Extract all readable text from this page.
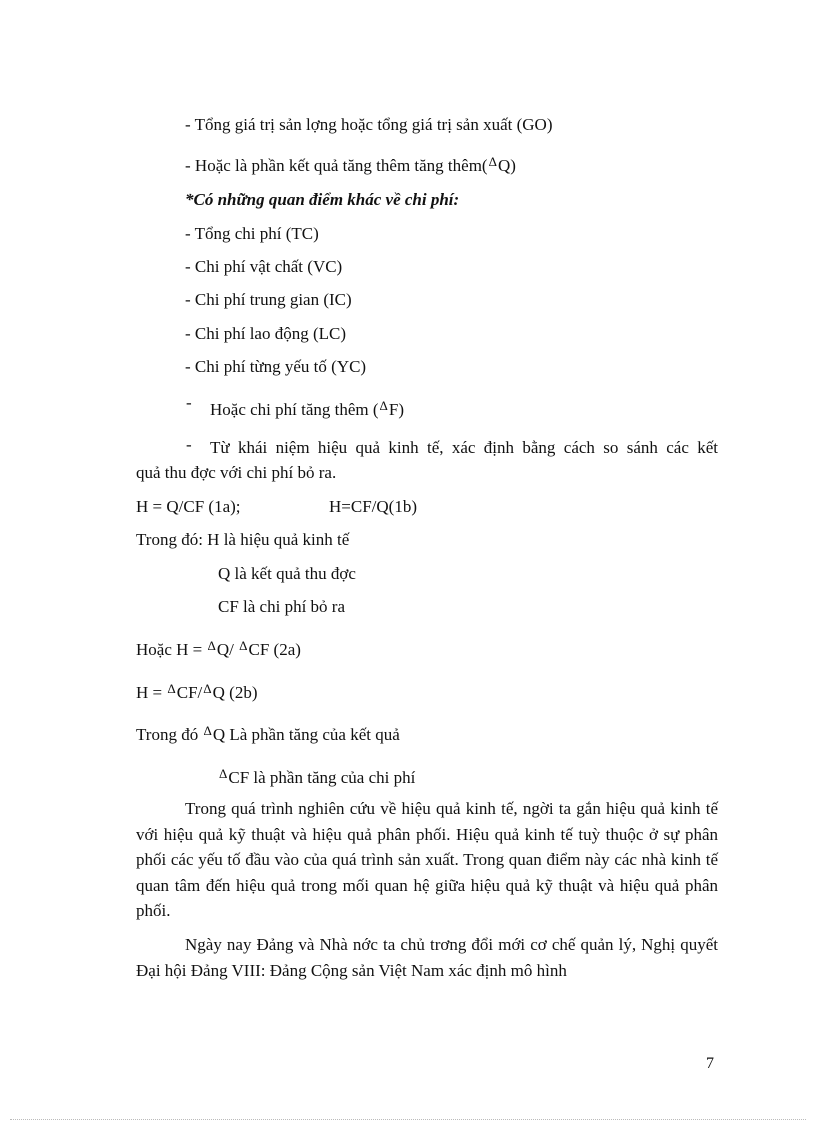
- Tổng giá trị sản lợng hoặc tổng giá trị sản xuất (GO)
- Hoặc là phần kết quả tăng thêm tăng thêm($^\Delta$Q)
*Có những quan điểm khác về chi phí:
- Tổng chi phí (TC)
- Chi phí vật chất (VC)
- Chi phí trung gian (IC)
- Chi phí lao động (LC)
- Chi phí từng yếu tố (YC)
- Hoặc chi phí tăng thêm ($^\Delta$F)
- Từ khái niệm hiệu quả kinh tế, xác định bằng cách so sánh các kết
quả thu đợc với chi phí bỏ ra.
H = Q/CF (1a);	H=CF/Q(1b)
Trong đó: H là hiệu quả kinh tế
Q là kết quả thu đợc
CF là chi phí bỏ ra
Hoặc H = $^\Delta$Q/ $^\Delta$CF (2a)
H = $^\Delta$CF/$^\Delta$Q (2b)
Trong đó $^\Delta$Q Là phần tăng của kết quả
$^\Delta$CF là phần tăng của chi phí
Trong quá trình nghiên cứu về hiệu quả kinh tế, ngời ta gắn hiệu quả kinh tế với hiệu quả kỹ thuật và hiệu quả phân phối. Hiệu quả kinh tế tuỳ thuộc ở sự phân phối các yếu tố đầu vào của quá trình sản xuất. Trong quan điểm này các nhà kinh tế quan tâm đến hiệu quả trong mối quan hệ giữa hiệu quả kỹ thuật và hiệu quả phân phối.
Ngày nay Đảng và Nhà nớc ta chủ trơng đổi mới cơ chế quản lý, Nghị quyết Đại hội Đảng VIII: Đảng Cộng sản Việt Nam xác định mô hình
7
